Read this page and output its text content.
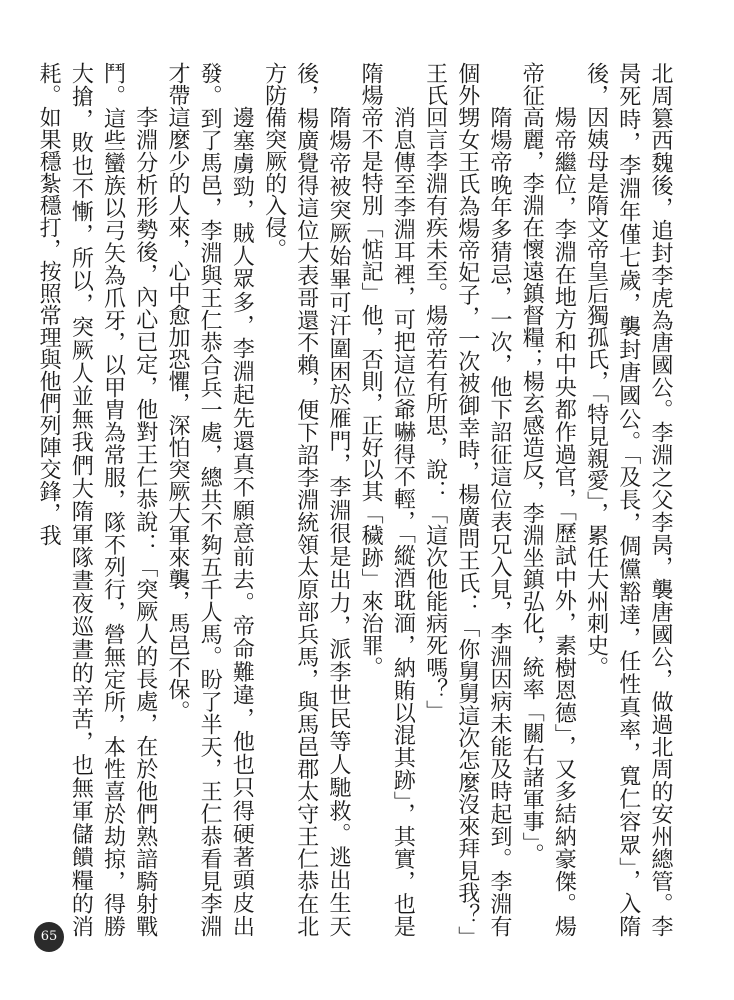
北周篡西魏後，追封李虎為唐國公。李淵之父李昺，襲唐國公，做過北周的安州總管。李昺死時，李淵年僅七歲，襲封唐國公。「及長，倜儻豁達，任性真率，寬仁容眾」，入隋後，因姨母是隋文帝皇后獨孤氏，「特見親愛」，累任大州刺史。

煬帝繼位，李淵在地方和中央都作過官，「歷試中外，素樹恩德」，又多結納豪傑。煬帝征高麗，李淵在懷遠鎮督糧；楊玄感造反，李淵坐鎮弘化，統率「關右諸軍事」。

隋煬帝晚年多猜忌，一次，他下詔征這位表兄入見，李淵因病未能及時起到。李淵有個外甥女王氏為煬帝妃子，一次被御幸時，楊廣問王氏：「你舅舅這次怎麼沒來拜見我？」王氏回言李淵有疾未至。煬帝若有所思，說：「這次他能病死嗎？」

消息傳至李淵耳裡，可把這位爺嚇得不輕，「縱酒耽湎，納賄以混其跡」，其實，也是隋煬帝不是特別「惦記」他，否則，正好以其「穢跡」來治罪。

隋煬帝被突厥始畢可汗圍困於雁門，李淵很是出力，派李世民等人馳救。逃出生天後，楊廣覺得這位大表哥還不賴，便下詔李淵統領太原部兵馬，與馬邑郡太守王仁恭在北方防備突厥的入侵。

邊塞虜勁，賊人眾多，李淵起先還真不願意前去。帝命難違，他也只得硬著頭皮出發。到了馬邑，李淵與王仁恭合兵一處，總共不夠五千人馬。盼了半天，王仁恭看見李淵才帶這麼少的人來，心中愈加恐懼，深怕突厥大軍來襲，馬邑不保。

李淵分析形勢後，內心已定，他對王仁恭說：「突厥人的長處，在於他們熟諳騎射戰鬥。這些蠻族以弓矢為爪牙，以甲胄為常服，隊不列行，營無定所，本性喜於劫掠，得勝大搶，敗也不慚，所以，突厥人並無我們大隋軍隊晝夜巡晝的辛苦，也無軍儲饋糧的消耗。如果穩紮穩打，按照常理與他們列陣交鋒，我

65
